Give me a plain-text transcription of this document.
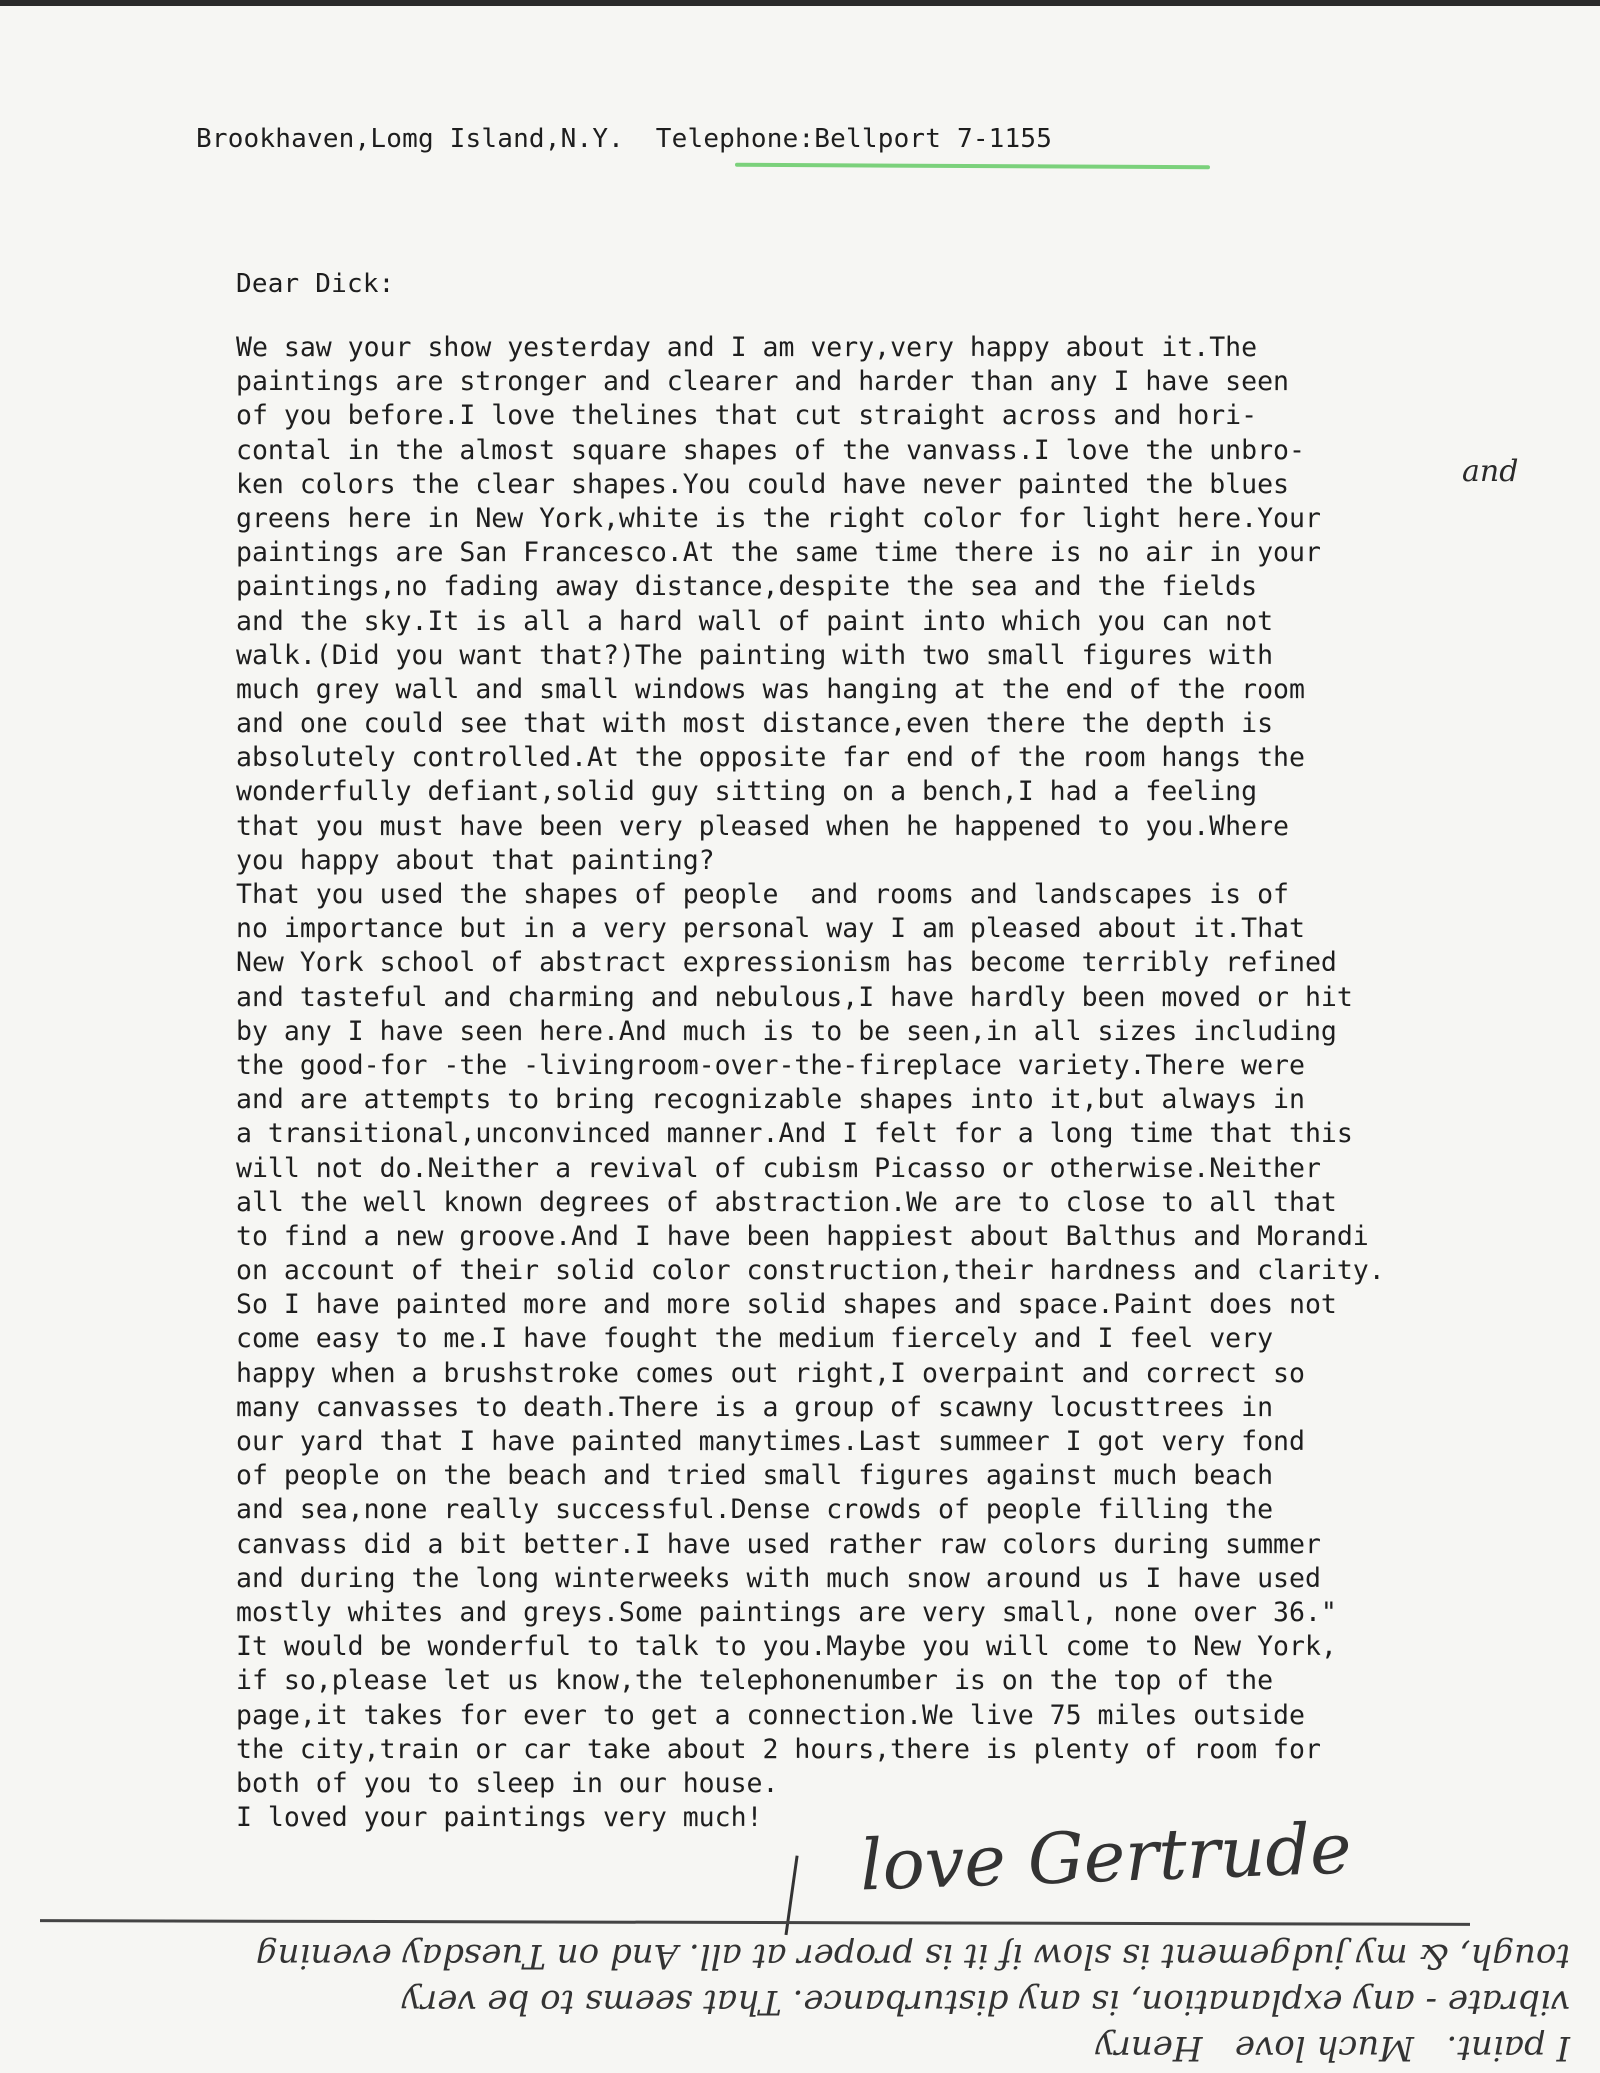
Brookhaven,Lomg Island,N.Y. Telephone:Bellport 7-1155
Dear Dick:
We saw your show yesterday and I am very,very happy about it.The
paintings are stronger and clearer and harder than any I have seen
of you before.I love thelines that cut straight across and hori-
contal in the almost square shapes of the vanvass.I love the unbro-
ken colors the clear shapes.You could have never painted the blues
greens here in New York,white is the right color for light here.Your
paintings are San Francesco.At the same time there is no air in your
paintings,no fading away distance,despite the sea and the fields
and the sky.It is all a hard wall of paint into which you can not
walk.(Did you want that?)The painting with two small figures with
much grey wall and small windows was hanging at the end of the room
and one could see that with most distance,even there the depth is
absolutely controlled.At the opposite far end of the room hangs the
wonderfully defiant,solid guy sitting on a bench,I had a feeling
that you must have been very pleased when he happened to you.Where
you happy about that painting?
That you used the shapes of people  and rooms and landscapes is of
no importance but in a very personal way I am pleased about it.That
New York school of abstract expressionism has become terribly refined
and tasteful and charming and nebulous,I have hardly been moved or hit
by any I have seen here.And much is to be seen,in all sizes including
the good-for -the -livingroom-over-the-fireplace variety.There were
and are attempts to bring recognizable shapes into it,but always in
a transitional,unconvinced manner.And I felt for a long time that this
will not do.Neither a revival of cubism Picasso or otherwise.Neither
all the well known degrees of abstraction.We are to close to all that
to find a new groove.And I have been happiest about Balthus and Morandi
on account of their solid color construction,their hardness and clarity.
So I have painted more and more solid shapes and space.Paint does not
come easy to me.I have fought the medium fiercely and I feel very
happy when a brushstroke comes out right,I overpaint and correct so
many canvasses to death.There is a group of scawny locusttrees in
our yard that I have painted manytimes.Last summeer I got very fond
of people on the beach and tried small figures against much beach
and sea,none really successful.Dense crowds of people filling the
canvass did a bit better.I have used rather raw colors during summer
and during the long winterweeks with much snow around us I have used
mostly whites and greys.Some paintings are very small, none over 36."
It would be wonderful to talk to you.Maybe you will come to New York,
if so,please let us know,the telephonenumber is on the top of the
page,it takes for ever to get a connection.We live 75 miles outside
the city,train or car take about 2 hours,there is plenty of room for
both of you to sleep in our house.
I loved your paintings very much!
and
love Gertrude
I paint.   Much love   Henry
vibrate - any explanation, is any disturbance. That seems to be very
tough, & my judgement is slow if it is proper at all. And on Tuesday evening
